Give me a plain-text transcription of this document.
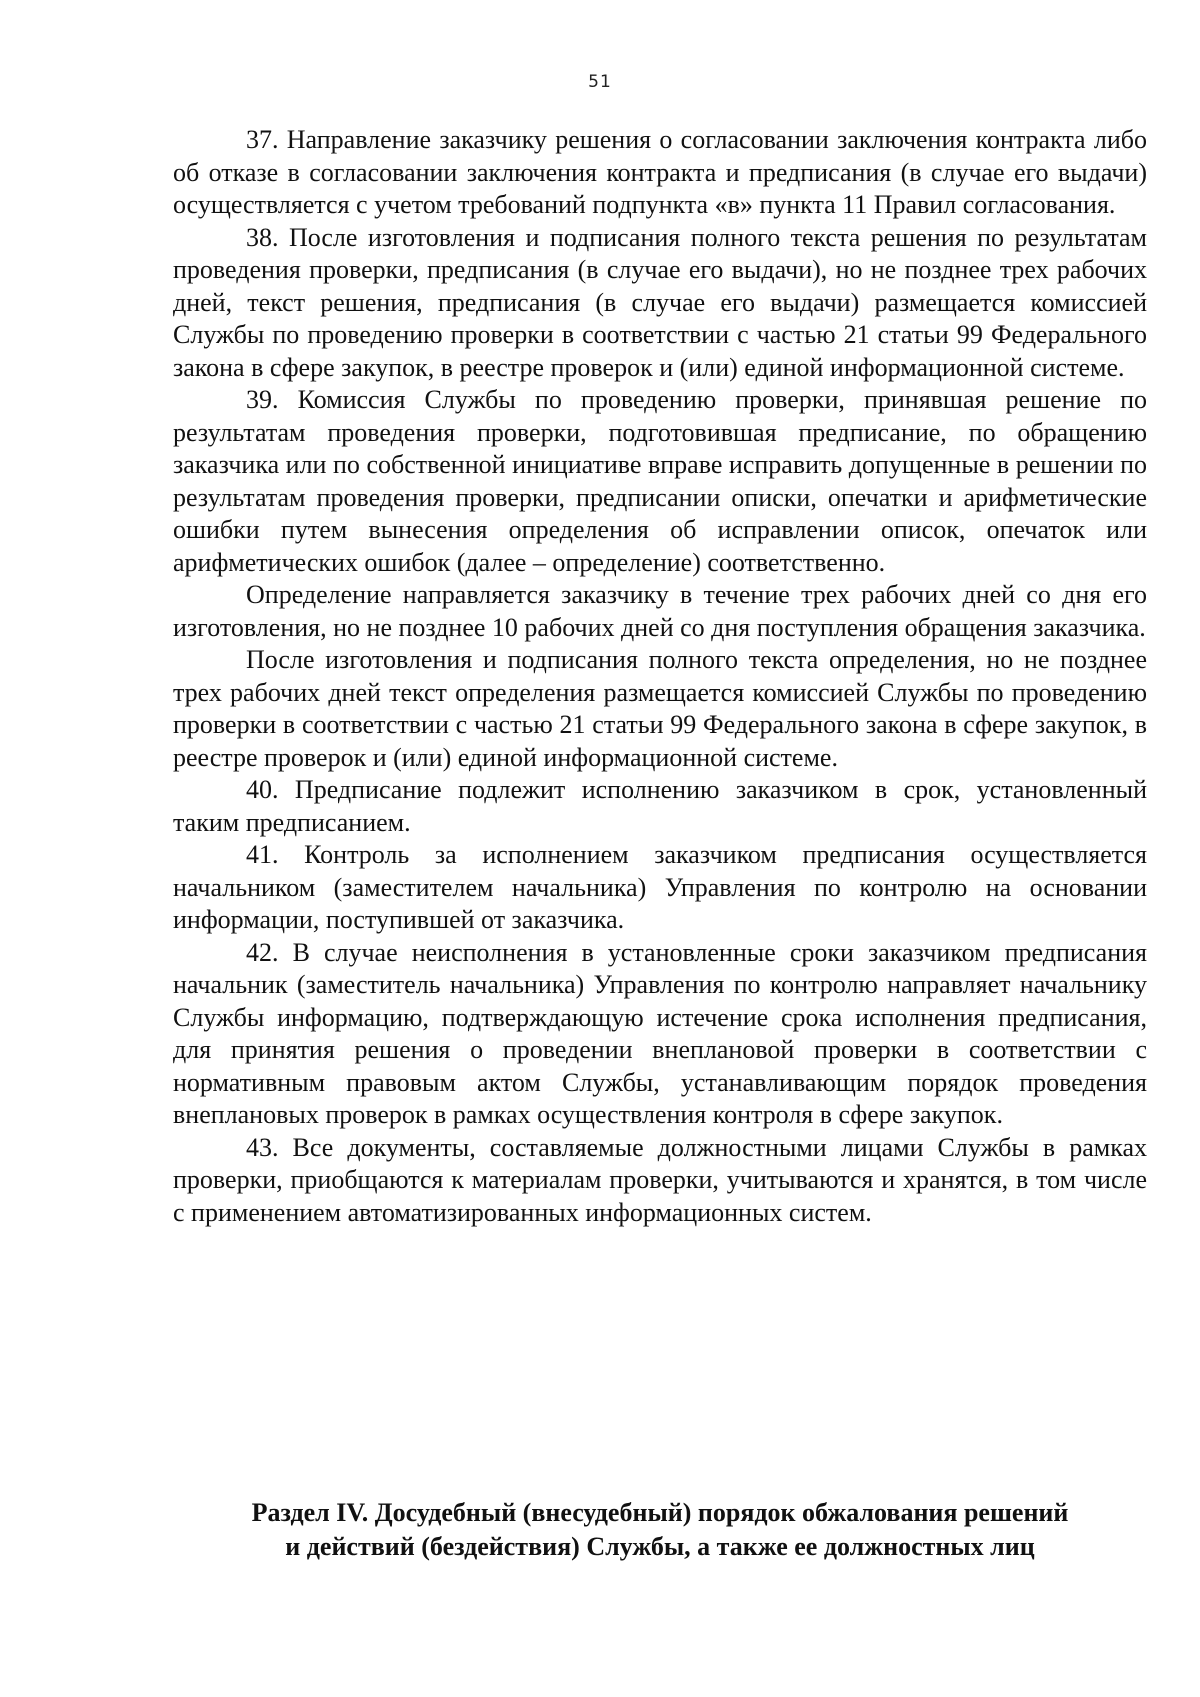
51

37. Направление заказчику решения о согласовании заключения контракта либо об отказе в согласовании заключения контракта и предписания (в случае его выдачи) осуществляется с учетом требований подпункта «в» пункта 11 Правил согласования.

38. После изготовления и подписания полного текста решения по результатам проведения проверки, предписания (в случае его выдачи), но не позднее трех рабочих дней, текст решения, предписания (в случае его выдачи) размещается комиссией Службы по проведению проверки в соответствии с частью 21 статьи 99 Федерального закона в сфере закупок, в реестре проверок и (или) единой информационной системе.

39. Комиссия Службы по проведению проверки, принявшая решение по результатам проведения проверки, подготовившая предписание, по обращению заказчика или по собственной инициативе вправе исправить допущенные в решении по результатам проведения проверки, предписании описки, опечатки и арифметические ошибки путем вынесения определения об исправлении описок, опечаток или арифметических ошибок (далее – определение) соответственно.

Определение направляется заказчику в течение трех рабочих дней со дня его изготовления, но не позднее 10 рабочих дней со дня поступления обращения заказчика.

После изготовления и подписания полного текста определения, но не позднее трех рабочих дней текст определения размещается комиссией Службы по проведению проверки в соответствии с частью 21 статьи 99 Федерального закона в сфере закупок, в реестре проверок и (или) единой информационной системе.

40. Предписание подлежит исполнению заказчиком в срок, установленный таким предписанием.

41. Контроль за исполнением заказчиком предписания осуществляется начальником (заместителем начальника) Управления по контролю на основании информации, поступившей от заказчика.

42. В случае неисполнения в установленные сроки заказчиком предписания начальник (заместитель начальника) Управления по контролю направляет начальнику Службы информацию, подтверждающую истечение срока исполнения предписания, для принятия решения о проведении внеплановой проверки в соответствии с нормативным правовым актом Службы, устанавливающим порядок проведения внеплановых проверок в рамках осуществления контроля в сфере закупок.

43. Все документы, составляемые должностными лицами Службы в рамках проверки, приобщаются к материалам проверки, учитываются и хранятся, в том числе с применением автоматизированных информационных систем.

Раздел IV. Досудебный (внесудебный) порядок обжалования решений
и действий (бездействия) Службы, а также ее должностных лиц
